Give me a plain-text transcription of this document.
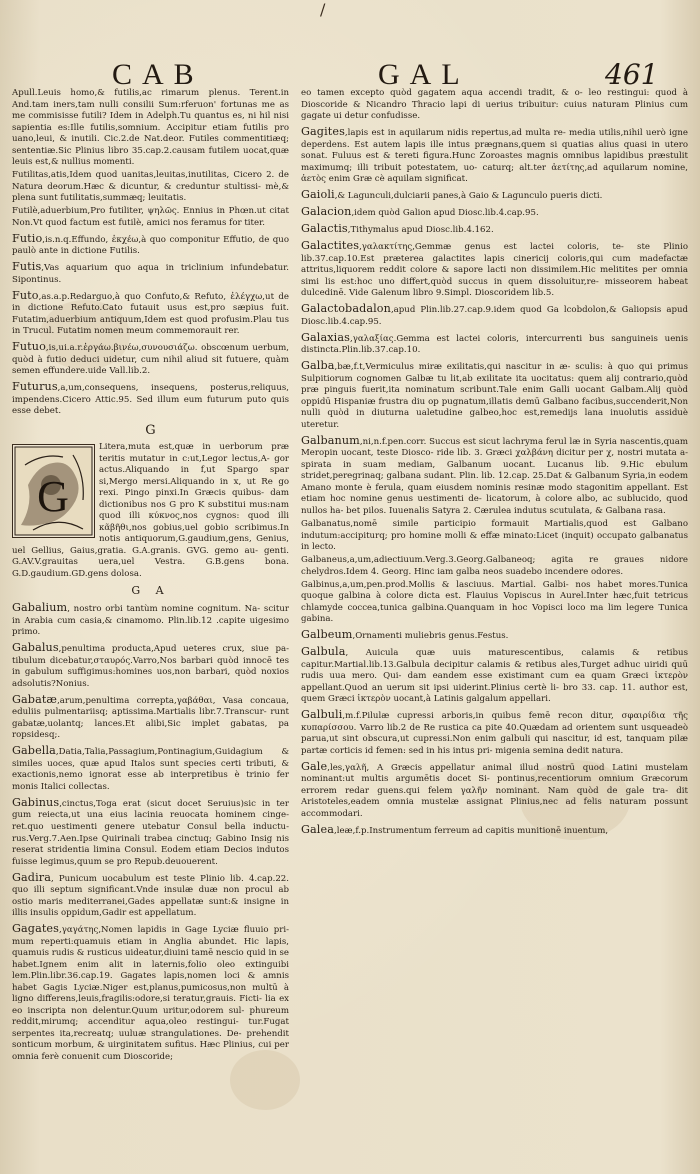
/
CAB	GAL	461
Apull.Leuis homo,& futilis,ac rimarum plenus. Terent.in And.tam iners,tam nulli consilii Sum:rferuon' fortunas me as me commisisse futili? Idem in Adelph.Tu quantus es, ni hil nisi sapientia es:Ille futilis,somnium. Accipitur etiam futilis pro uano,leui, & inutili. Cic.2.de Nat.deor. Futiles commentitiæq; sententiæ.Sic Plinius libro 35.cap.2.causam futilem uocat,quæ leuis est,& nullius momenti.
Futilitas,atis,Idem quod uanitas,leuitas,inutilitas, Cicero 2. de Natura deorum.Hæc & dicuntur, & creduntur stultissi- mè,& plena sunt futilitatis,summæq; leuitatis.
Futilè,aduerbium,Pro futiliter, ψηλῶς. Ennius in Phœn.ut citat Non.Vt quod factum est futilè, amici nos feramus for titer.
Futio,is.n.q.Effundo, ἐκχέω,à quo componitur Effutio, de quo paulò ante in dictione Futilis.
Futis,Vas aquarium quo aqua in triclinium infundebatur. Sipontinus.
Futo,as.a.p.Redarguo,à quo Confuto,& Refuto, ἐλέγχω,ut de in dictione Refuto.Cato futauit usus est,pro sæpius fuit. Futatim,aduerbium antiquum,Idem est quod profusim.Plau tus in Trucul. Futatim nomen meum commemorauit rer.
Futuo,is,ui.a.r.ἐργάω.βινέω,συνουσιάζω. obscœnum uerbum, quòd à futio deduci uidetur, cum nihil aliud sit futuere, quàm semen effundere.uide Vall.lib.2.
Futurus,a,um,consequens, insequens, posterus,reliquus, impendens.Cicero Attic.95. Sed illum eum futurum puto quis esse debet.
G
G
Litera,muta est,quæ in uerborum præ teritis mutatur in c:ut,Legor lectus,A- gor actus.Aliquando in f,ut Spargo spar si,Mergo mersi.Aliquando in x, ut Re go rexi. Pingo pinxi.In Græcis quibus- dam dictionibus nos G pro K substitui mus:nam quod illi κύκνος,nos cygnos: quod illi κᾶβῆθι,nos gobius,uel gobio scribimus.In notis antiquorum,G.gaudium,gens, Genius, uel Gellius, Gaius,gratia. G.A.granis. GVG. gemo au- genti. G.AV.V.grauitas uera,uel Vestra. G.B.gens bona. G.D.gaudium.GD.gens dolosa.
G A
Gabalium, nostro orbi tantùm nomine cognitum. Na- scitur in Arabia cum casia,& cinamomo. Plin.lib.12 .capite uigesimo primo.
Gabalus,penultima producta,Apud ueteres crux, siue pa- tibulum dicebatur,σταυρός.Varro,Nos barbari quòd innocē tes in gabulum suffigimus:homines uos,non barbari, quòd noxios adsolutis?Nonius.
Gabatæ,arum,penultima correpta,γαβάθαι, Vasa concaua, eduliis pulmentariisq; aptissima.Martialis libr.7.Transcur- runt gabatæ,uolantq; lances.Et alibi,Sic implet gabatas, pa ropsidesq;.
Gabella,Datia,Talia,Passagium,Pontinagium,Guidagium & similes uoces, quæ apud Italos sunt species certi tributi, & exactionis,nemo ignorat esse ab interpretibus è trinio fer monis Italici collectas.
Gabinus,cinctus,Toga erat (sicut docet Seruius)sic in ter gum reiecta,ut una eius lacinia reuocata hominem cinge- ret.quo uestimenti genere utebatur Consul bella inductu- rus.Verg.7.Aen.Ipse Quirinali trabea cinctuq; Gabino Insig nis reserat stridentia limina Consul. Eodem etiam Decios indutos fuisse legimus,quum se pro Repub.deuouerent.
Gadira, Punicum uocabulum est teste Plinio lib. 4.cap.22. quo illi septum significant.Vnde insulæ duæ non procul ab ostio maris mediterranei,Gades appellatæ sunt:& insigne in illis insulis oppidum,Gadir est appellatum.
Gagates,γαγάτης,Nomen lapidis in Gage Lyciæ fluuio pri- mum reperti:quamuis etiam in Anglia abundet. Hic lapis, quamuis rudis & rusticus uideatur,diuini tamē nescio quid in se habet.Ignem enim alit in laternis,folio oleo extinguibi lem.Plin.libr.36.cap.19. Gagates lapis,nomen loci & amnis habet Gagis Lyciæ.Niger est,planus,pumicosus,non multū à ligno differens,leuis,fragilis:odore,si teratur,grauis. Ficti- lia ex eo inscripta non delentur.Quum uritur,odorem sul- phureum reddit,mirumq; accenditur aqua,oleo restingui- tur.Fugat serpentes ita,recreatq; uuluæ strangulationes. De- prehendit sonticum morbum, & uirginitatem sufitus. Hæc Plinius, cui per omnia ferè conuenit cum Dioscoride;
eo tamen excepto quòd gagatem aqua accendi tradit, & o- leo restingui: quod à Dioscoride & Nicandro Thracio lapi di uerius tribuitur: cuius naturam Plinius cum gagate ui detur confudisse.
Gagites,lapis est in aquilarum nidis repertus,ad multa re- media utilis,nihil uerò igne deperdens. Est autem lapis ille intus prægnans,quem si quatias alius quasi in utero sonat. Fuluus est & tereti figura.Hunc Zoroastes magnis omnibus lapidibus præstulit maximumq; illi tribuit potestatem, uo- caturq; alt.ter ἀετίτης,ad aquilarum nomine, ἀετὸς enim Græ cè aquilam significat.
Gaioli,& Lagunculi,dulciarii panes,à Gaio & Lagunculo pueris dicti.
Galacion,idem quòd Galion apud Diosc.lib.4.cap.95.
Galactis,Tithymalus apud Diosc.lib.4.162.
Galactites,γαλακτίτης,Gemmæ genus est lactei coloris, te- ste Plinio lib.37.cap.10.Est præterea galactites lapis cinericij coloris,qui cum madefactæ attritus,liquorem reddit colore & sapore lacti non dissimilem.Hic melitites per omnia simi lis est:hoc uno differt,quòd succus in quem dissoluitur,re- misseorem habeat dulcedinē. Vide Galenum libro 9.Simpl. Dioscoridem lib.5.
Galactobadalon,apud Plin.lib.27.cap.9.idem quod Ga lcobdolon,& Galiopsis apud Diosc.lib.4.cap.95.
Galaxias,γαλαξίας.Gemma est lactei coloris, intercurrenti bus sanguineis uenis distincta.Plin.lib.37.cap.10.
Galba,bæ,f.t,Vermiculus miræ exilitatis,qui nascitur in æ- sculis: à quo qui primus Sulpitiorum cognomen Galbæ tu lit,ab exilitate ita uocitatus: quem alij contrario,quòd præ pinguis fuerit,ita nominatum scribunt.Tale enim Galli uocant Galbam.Alij quòd oppidū Hispaniæ frustra diu op pugnatum,illatis demū Galbano facibus,succenderit,Non nulli quòd in diuturna ualetudine galbeo,hoc est,remedijs lana inuolutis assiduè uteretur.
Galbanum,ni,n.f.pen.corr. Succus est sicut lachryma ferul læ in Syria nascentis,quam Meropin uocant, teste Diosco- ride lib. 3. Græci χαλβάνη dicitur per χ, nostri mutata a- spirata in suam mediam, Galbanum uocant. Lucanus lib. 9.Hic ebulum stridet,peregrinaq; galbana sudant. Plin. lib. 12.cap. 25.Dat & Galbanum Syria,in eodem Amano monte è ferula, quam eiusdem nominis resinæ modo stagonitim appellant. Est etiam hoc nomine genus uestimenti de- licatorum, à colore albo, ac sublucido, quod nullos ha- bet pilos. Iuuenalis Satyra 2. Cærulea indutus scutulata, & Galbana rasa.
Galbanatus,nomē simile participio formauit Martialis,quod est Galbano indutum:accipiturq; pro homine molli & effæ minato:Licet (inquit) occupato galbanatus in lecto.
Galbaneus,a,um,adiectiuum.Verg.3.Georg.Galbaneoq; agita re graues nidore chelydros.Idem 4. Georg. Hinc iam galba neos suadebo incendere odores.
Galbinus,a,um,pen.prod.Mollis & lasciuus. Martial. Galbi- nos habet mores.Tunica quoque galbina à colore dicta est. Flauius Vopiscus in Aurel.Inter hæc,fuit tetricus chlamyde coccea,tunica galbina.Quanquam in hoc Vopisci loco ma lim legere Tunica gabina.
Galbeum,Ornamenti muliebris genus.Festus.
Galbula, Auicula quæ uuis maturescentibus, calamis & retibus capitur.Martial.lib.13.Galbula decipitur calamis & retibus ales,Turget adhuc uiridi quū rudis uua mero. Qui- dam eandem esse existimant cum ea quam Græci ἰκτερὸν appellant.Quod an uerum sit ipsi uiderint.Plinius certè li- bro 33. cap. 11. author est, quem Græci ἰκτερὸν uocant,à Latinis galgalum appellari.
Galbuli,m.f.Pilulæ cupressi arboris,in quibus femē recon ditur, σφαιρίδια τῆς κυπαρίσσου. Varro lib.2 de Re rustica ca pite 40.Quædam ad orientem sunt usqueadeò parua,ut sint obscura,ut cupressi.Non enim galbuli qui nascitur, id est, tanquam pilæ partæ corticis id femen: sed in his intus pri- migenia semina dedit natura.
Gale,les,γαλῆ, A Græcis appellatur animal illud nostrū quod Latini mustelam nominant:ut multis argumētis docet Si- pontinus,recentiorum omnium Græcorum errorem redar guens.qui felem γαλῆν nominant. Nam quòd de gale tra- dit Aristoteles,eadem omnia mustelæ assignat Plinius,nec ad felis naturam possunt accommodari.
Galea,leæ,f.p.Instrumentum ferreum ad capitis munitionē inuentum,
